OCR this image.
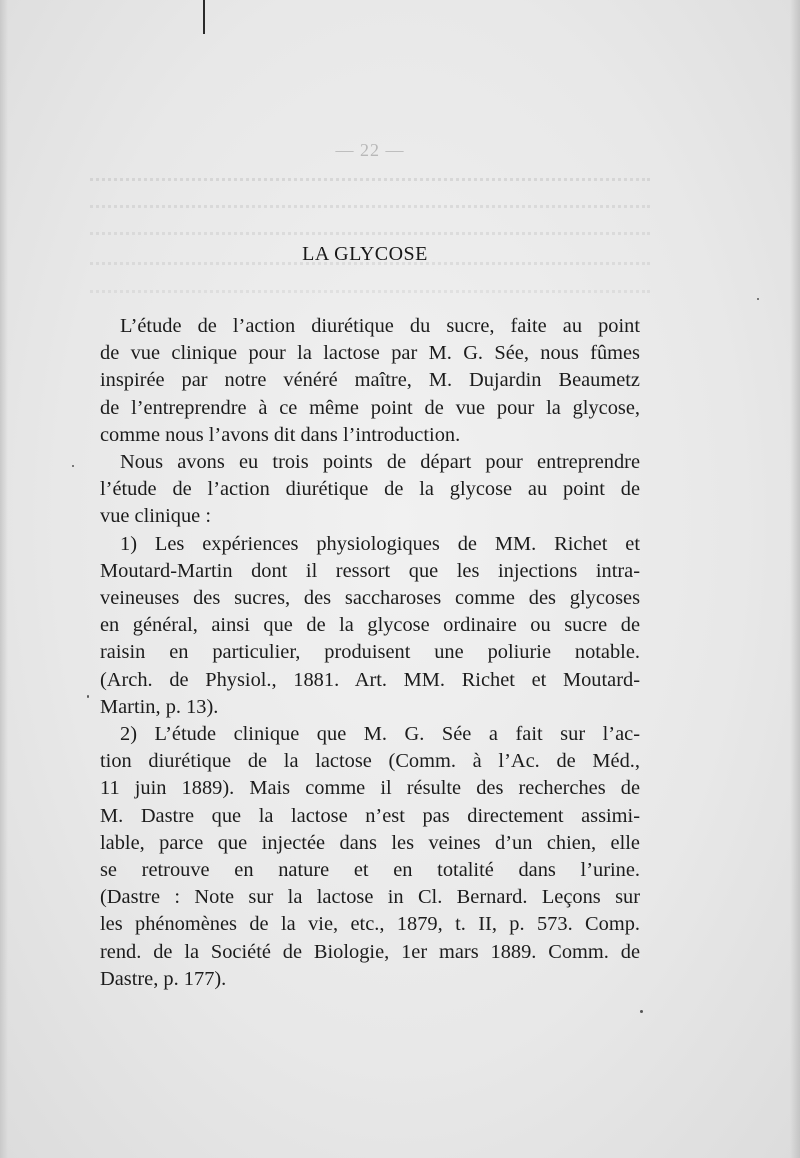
— 22 —
LA GLYCOSE
L’étude de l’action diurétique du sucre, faite au point
de vue clinique pour la lactose par M. G. Sée, nous fûmes
inspirée par notre vénéré maître, M. Dujardin Beaumetz
de l’entreprendre à ce même point de vue pour la glycose,
comme nous l’avons dit dans l’introduction.
Nous avons eu trois points de départ pour entreprendre
l’étude de l’action diurétique de la glycose au point de
vue clinique :
1) Les expériences physiologiques de MM. Richet et
Moutard-Martin dont il ressort que les injections intra-
veineuses des sucres, des saccharoses comme des glycoses
en général, ainsi que de la glycose ordinaire ou sucre de
raisin en particulier, produisent une poliurie notable.
(Arch. de Physiol., 1881. Art. MM. Richet et Moutard-
Martin, p. 13).
2) L’étude clinique que M. G. Sée a fait sur l’ac-
tion diurétique de la lactose (Comm. à l’Ac. de Méd.,
11 juin 1889). Mais comme il résulte des recherches de
M. Dastre que la lactose n’est pas directement assimi-
lable, parce que injectée dans les veines d’un chien, elle
se retrouve en nature et en totalité dans l’urine.
(Dastre : Note sur la lactose in Cl. Bernard. Leçons sur
les phénomènes de la vie, etc., 1879, t. II, p. 573. Comp.
rend. de la Société de Biologie, 1er mars 1889. Comm. de
Dastre, p. 177).
